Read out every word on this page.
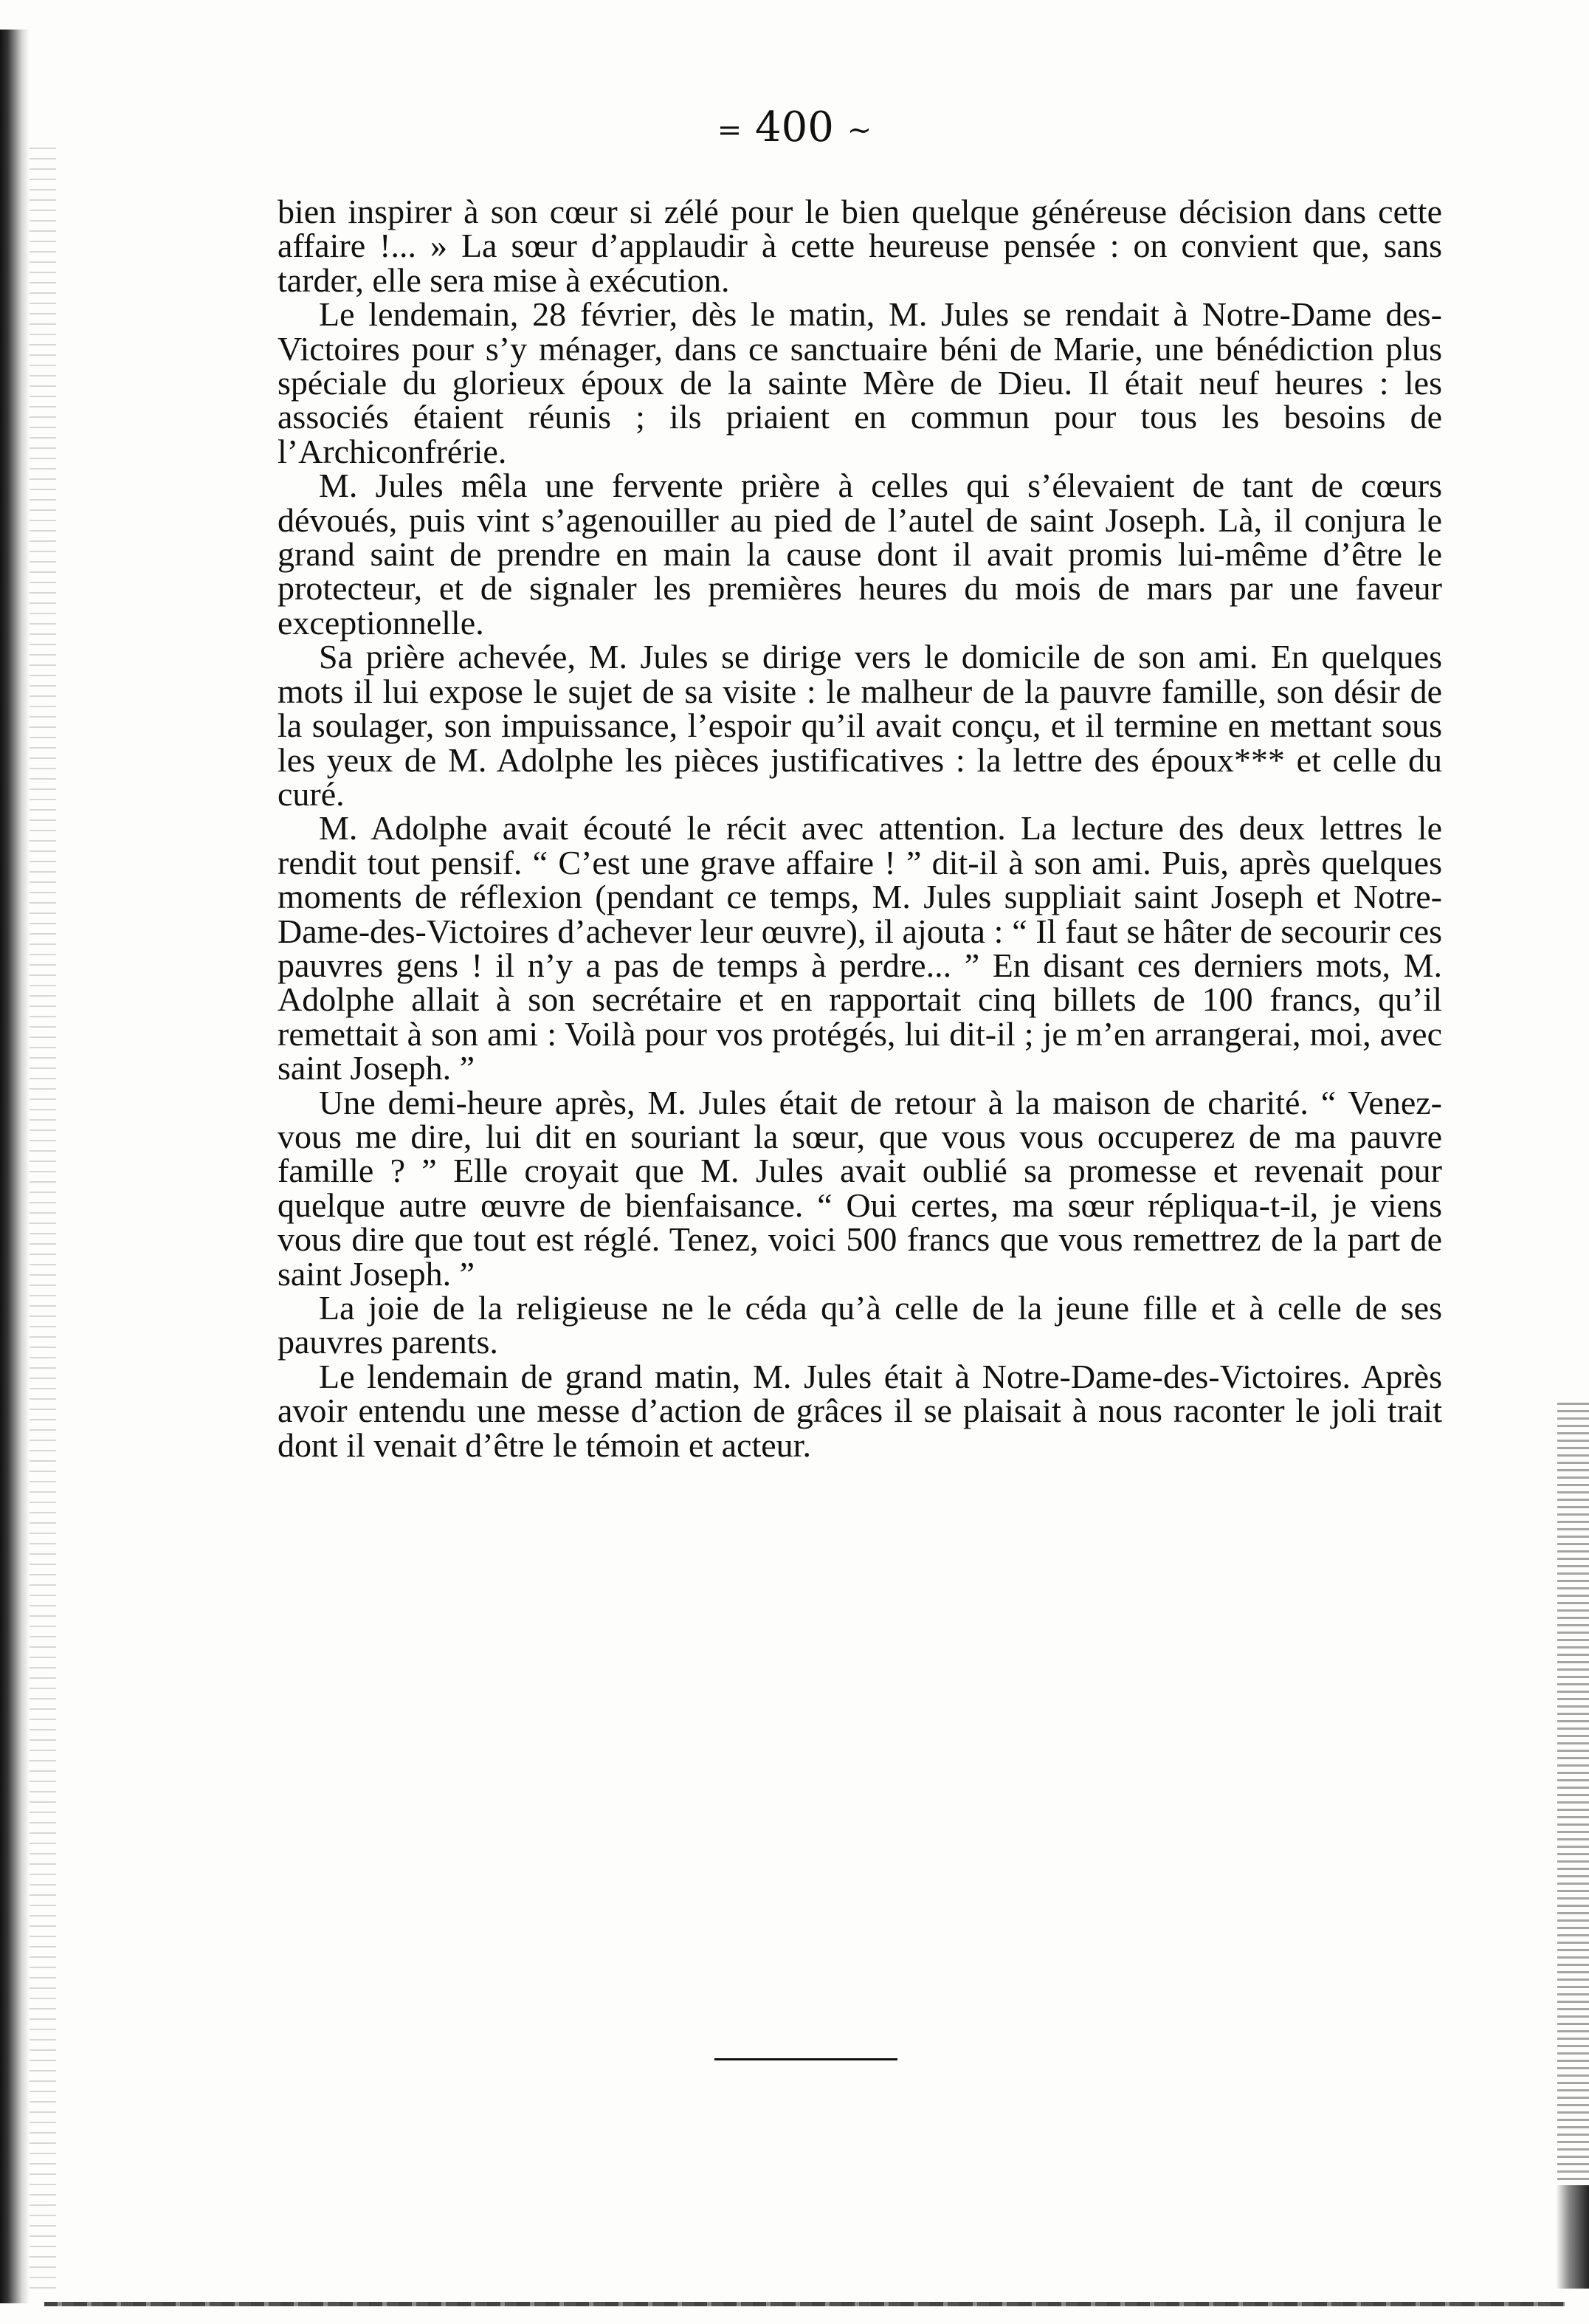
= 400 ~

bien inspirer à son cœur si zélé pour le bien quelque généreuse décision dans cette affaire !... » La sœur d’applaudir à cette heureuse pensée : on convient que, sans tarder, elle sera mise à exécution.

Le lendemain, 28 février, dès le matin, M. Jules se rendait à Notre-Dame des-Victoires pour s’y ménager, dans ce sanctuaire béni de Marie, une bénédiction plus spéciale du glorieux époux de la sainte Mère de Dieu. Il était neuf heures : les associés étaient réunis ; ils priaient en commun pour tous les besoins de l’Archiconfrérie.

M. Jules mêla une fervente prière à celles qui s’élevaient de tant de cœurs dévoués, puis vint s’agenouiller au pied de l’autel de saint Joseph. Là, il conjura le grand saint de prendre en main la cause dont il avait promis lui-même d’être le protecteur, et de signaler les premières heures du mois de mars par une faveur exceptionnelle.

Sa prière achevée, M. Jules se dirige vers le domicile de son ami. En quelques mots il lui expose le sujet de sa visite : le malheur de la pauvre famille, son désir de la soulager, son impuissance, l’espoir qu’il avait conçu, et il termine en mettant sous les yeux de M. Adolphe les pièces justificatives : la lettre des époux*** et celle du curé.

M. Adolphe avait écouté le récit avec attention. La lecture des deux lettres le rendit tout pensif. “ C’est une grave affaire ! ” dit-il à son ami. Puis, après quelques moments de réflexion (pendant ce temps, M. Jules suppliait saint Joseph et Notre-Dame-des-Victoires d’achever leur œuvre), il ajouta : “ Il faut se hâter de secourir ces pauvres gens ! il n’y a pas de temps à perdre... ” En disant ces derniers mots, M. Adolphe allait à son secrétaire et en rapportait cinq billets de 100 francs, qu’il remettait à son ami : Voilà pour vos protégés, lui dit-il ; je m’en arrangerai, moi, avec saint Joseph. ”

Une demi-heure après, M. Jules était de retour à la maison de charité. “ Venez-vous me dire, lui dit en souriant la sœur, que vous vous occuperez de ma pauvre famille ? ” Elle croyait que M. Jules avait oublié sa promesse et revenait pour quelque autre œuvre de bienfaisance. “ Oui certes, ma sœur répliqua-t-il, je viens vous dire que tout est réglé. Tenez, voici 500 francs que vous remettrez de la part de saint Joseph. ”

La joie de la religieuse ne le céda qu’à celle de la jeune fille et à celle de ses pauvres parents.

Le lendemain de grand matin, M. Jules était à Notre-Dame-des-Victoires. Après avoir entendu une messe d’action de grâces il se plaisait à nous raconter le joli trait dont il venait d’être le témoin et acteur.
